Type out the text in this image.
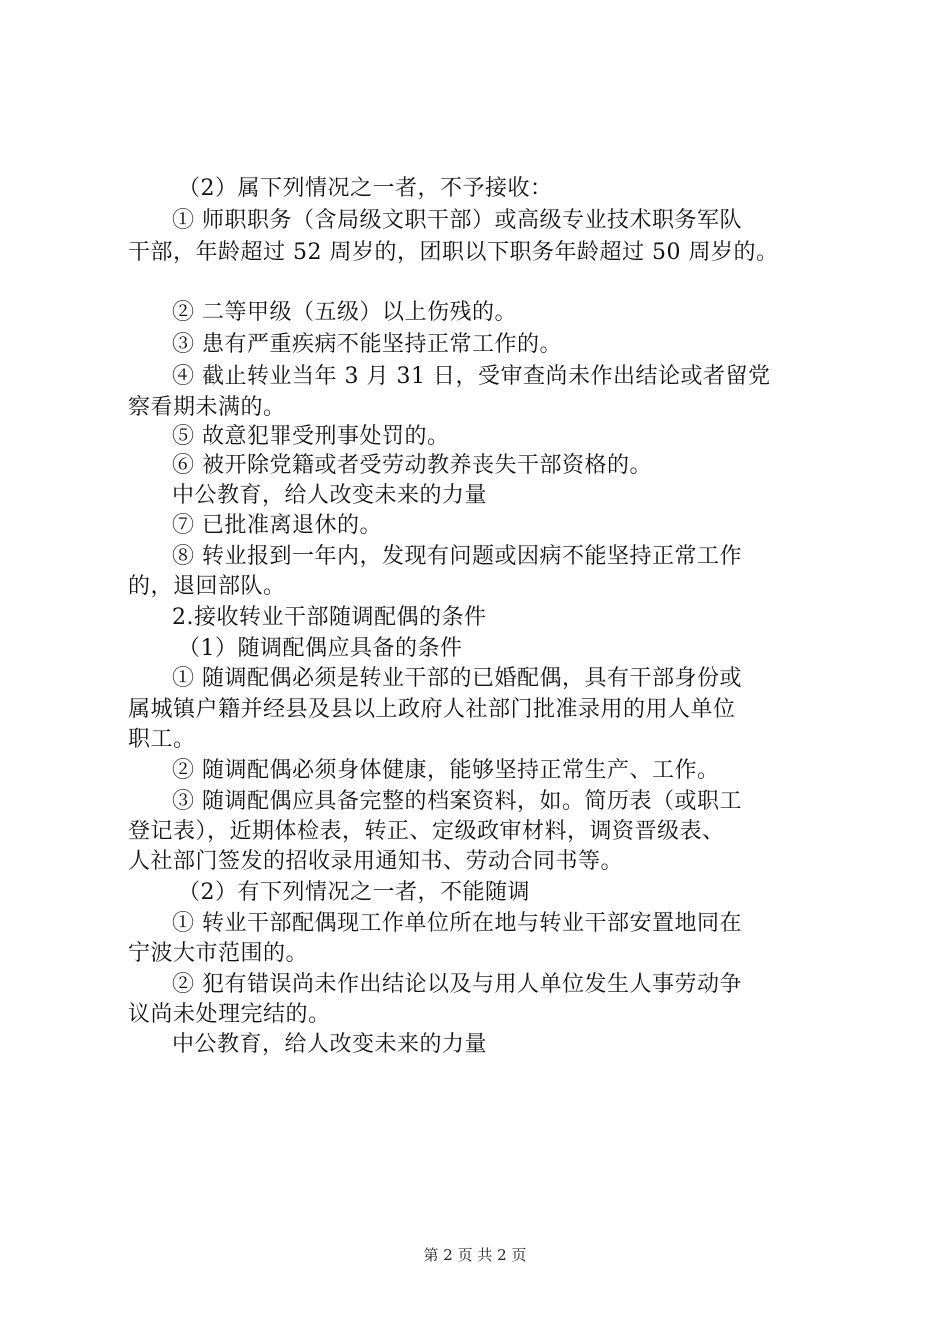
（2）属下列情况之一者，不予接收：
① 师职职务（含局级文职干部）或高级专业技术职务军队
干部，年龄超过 52 周岁的，团职以下职务年龄超过 50 周岁的。
② 二等甲级（五级）以上伤残的。
③ 患有严重疾病不能坚持正常工作的。
④ 截止转业当年 3 月 31 日，受审查尚未作出结论或者留党
察看期未满的。
⑤ 故意犯罪受刑事处罚的。
⑥ 被开除党籍或者受劳动教养丧失干部资格的。
中公教育，给人改变未来的力量
⑦ 已批准离退休的。
⑧ 转业报到一年内，发现有问题或因病不能坚持正常工作
的，退回部队。
2.接收转业干部随调配偶的条件
（1）随调配偶应具备的条件
① 随调配偶必须是转业干部的已婚配偶，具有干部身份或
属城镇户籍并经县及县以上政府人社部门批准录用的用人单位
职工。
② 随调配偶必须身体健康，能够坚持正常生产、工作。
③ 随调配偶应具备完整的档案资料，如。简历表（或职工
登记表），近期体检表，转正、定级政审材料，调资晋级表、
人社部门签发的招收录用通知书、劳动合同书等。
（2）有下列情况之一者，不能随调
① 转业干部配偶现工作单位所在地与转业干部安置地同在
宁波大市范围的。
② 犯有错误尚未作出结论以及与用人单位发生人事劳动争
议尚未处理完结的。
中公教育，给人改变未来的力量
第 2 页 共 2 页
